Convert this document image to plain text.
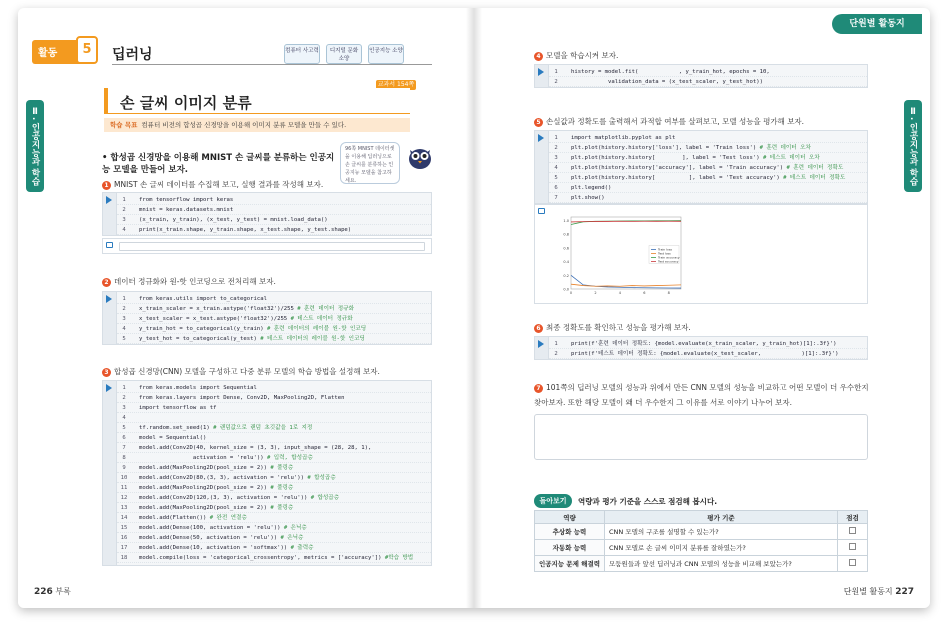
Ⅱ. 인공지능과 학습
활동	5	딥러닝	컴퓨터 사고력	디지털 문화 소양
인공지능 소양
교과서 154쪽
손 글씨 이미지 분류
학습 목표 컴퓨터 비전의 합성곱 신경망을 이용해 이미지 분류 모델을 만들 수 있다.
• 합성곱 신경망을 이용해 MNIST 손 글씨를 분류하는 인공지능 모델을 만들어 보자.
96쪽 MNIST 데이터셋을 이용해 딥러닝으로 손 글씨를 분류하는 인공지능 모델을 참고하세요.
1 MNIST 손 글씨 데이터를 수집해 보고, 실행 결과를 작성해 보자.
1 from tensorflow import keras
2 mnist = keras.datasets.mnist
3 (x_train, y_train), (x_test, y_test) = mnist.load_data()
4 print(x_train.shape, y_train.shape, x_test.shape, y_test.shape)
2 데이터 정규화와 원-핫 인코딩으로 전처리해 보자.
1 from keras.utils import to_categorical
2 x_train_scaler = x_train.astype('float32')/255 # 훈련 데이터 정규화
3 x_test_scaler = x_test.astype('float32')/255 # 테스트 데이터 정규화
4 y_train_hot = to_categorical(y_train) # 훈련 데이터의 레이블 원-핫 인코딩
5 y_test_hot = to_categorical(y_test) # 테스트 데이터의 레이블 원-핫 인코딩
3 합성곱 신경망(CNN) 모델을 구성하고 다중 분류 모델의 학습 방법을 설정해 보자.
1 from keras.models import Sequential
2 from keras.layers import Dense, Conv2D, MaxPooling2D, Flatten
3 import tensorflow as tf
4
5 tf.random.set_seed(1) # 랜덤값으로 랜덤 초깃값을 1로 지정
6 model = Sequential()
7 model.add(Conv2D(40, kernel_size = (3, 3), input_shape = (28, 28, 1),
8                activation = 'relu')) # 입력, 합성곱층
9 model.add(MaxPooling2D(pool_size = 2)) # 풀링층
10 model.add(Conv2D(80,(3, 3), activation = 'relu')) # 합성곱층
11 model.add(MaxPooling2D(pool_size = 2)) # 풀링층
12 model.add(Conv2D(120,(3, 3), activation = 'relu')) # 합성곱층
13 model.add(MaxPooling2D(pool_size = 2)) # 풀링층
14 model.add(Flatten()) # 완전 연결층
15 model.add(Dense(100, activation = 'relu')) # 은닉층
16 model.add(Dense(50, activation = 'relu')) # 은닉층
17 model.add(Dense(10, activation = 'softmax')) # 출력층
18 model.compile(loss = 'categorical_crossentropy', metrics = ['accuracy']) #학습 방법
226 부록
단원별 활동지
Ⅱ. 인공지능과 학습
4 모델을 학습시켜 보자.
1 history = model.fit(            , y_train_hot, epochs = 10,
2           validation_data = (x_test_scaler, y_test_hot))
5 손실값과 정확도를 출력해서 과적합 여부를 살펴보고, 모델 성능을 평가해 보자.
1 import matplotlib.pyplot as plt
2 plt.plot(history.history['loss'], label = 'Train loss') # 훈련 데이터 오차
3 plt.plot(history.history[        ], label = 'Test loss') # 테스트 데이터 오차
4 plt.plot(history.history['accuracy'], label = 'Train accuracy') # 훈련 데이터 정확도
5 plt.plot(history.history[          ], label = 'Test accuracy') # 테스트 데이터 정확도
6 plt.legend()
7 plt.show()
0.0
0.2
0.4
0.6
0.8
1.0
0	2	4	6	8
Train loss
Test loss
Train accuracy
Test accuracy
6 최종 정확도를 확인하고 성능을 평가해 보자.
1 print(f'훈련 데이터 정확도: {model.evaluate(x_train_scaler, y_train_hot)[1]:.3f}')
2 print(f'테스트 데이터 정확도: {model.evaluate(x_test_scaler,            )[1]:.3f}')
7 101쪽의 딥러닝 모델의 성능과 위에서 만든 CNN 모델의 성능을 비교하고 어떤 모델이 더 우수한지 찾아보자. 또한 해당 모델이 왜 더 우수한지 그 이유를 서로 이야기 나누어 보자.
돌아보기	역량과 평가 기준을 스스로 점검해 봅시다.
역량	평가 기준	점검
추상화 능력	CNN 모델의 구조를 설명할 수 있는가?	
자동화 능력	CNN 모델로 손 글씨 이미지 분류를 잘하였는가?	
인공지능 문제 해결력	모둠원들과 앞선 딥러닝과 CNN 모델의 성능을 비교해 보았는가?	
단원별 활동지 227
